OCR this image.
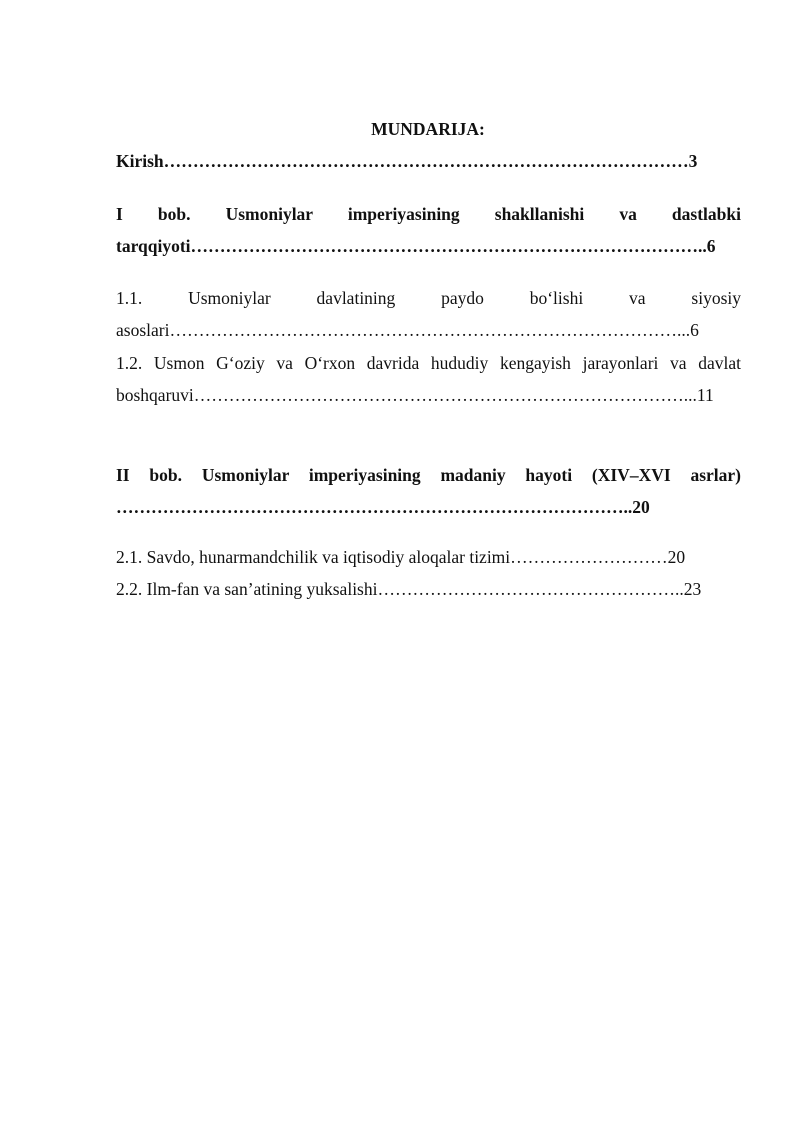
MUNDARIJA:
Kirish………………………………………………………………………………3
I bob. Usmoniylar imperiyasining shakllanishi va dastlabki
tarqqiyoti……………………………………………………………………………..6
1.1. Usmoniylar davlatining paydo bo‘lishi va siyosiy
asoslari……………………………………………………………………………...6
1.2. Usmon G‘oziy va O‘rxon davrida hududiy kengayish jarayonlari va davlat
boshqaruvi…………………………………………………………………………...11
II bob. Usmoniylar imperiyasining madaniy hayoti (XIV–XVI asrlar)
……………………………………………………………………………..20
2.1. Savdo, hunarmandchilik va iqtisodiy aloqalar tizimi………………………20
2.2. Ilm-fan va san’atining yuksalishi……………………………………………..23
